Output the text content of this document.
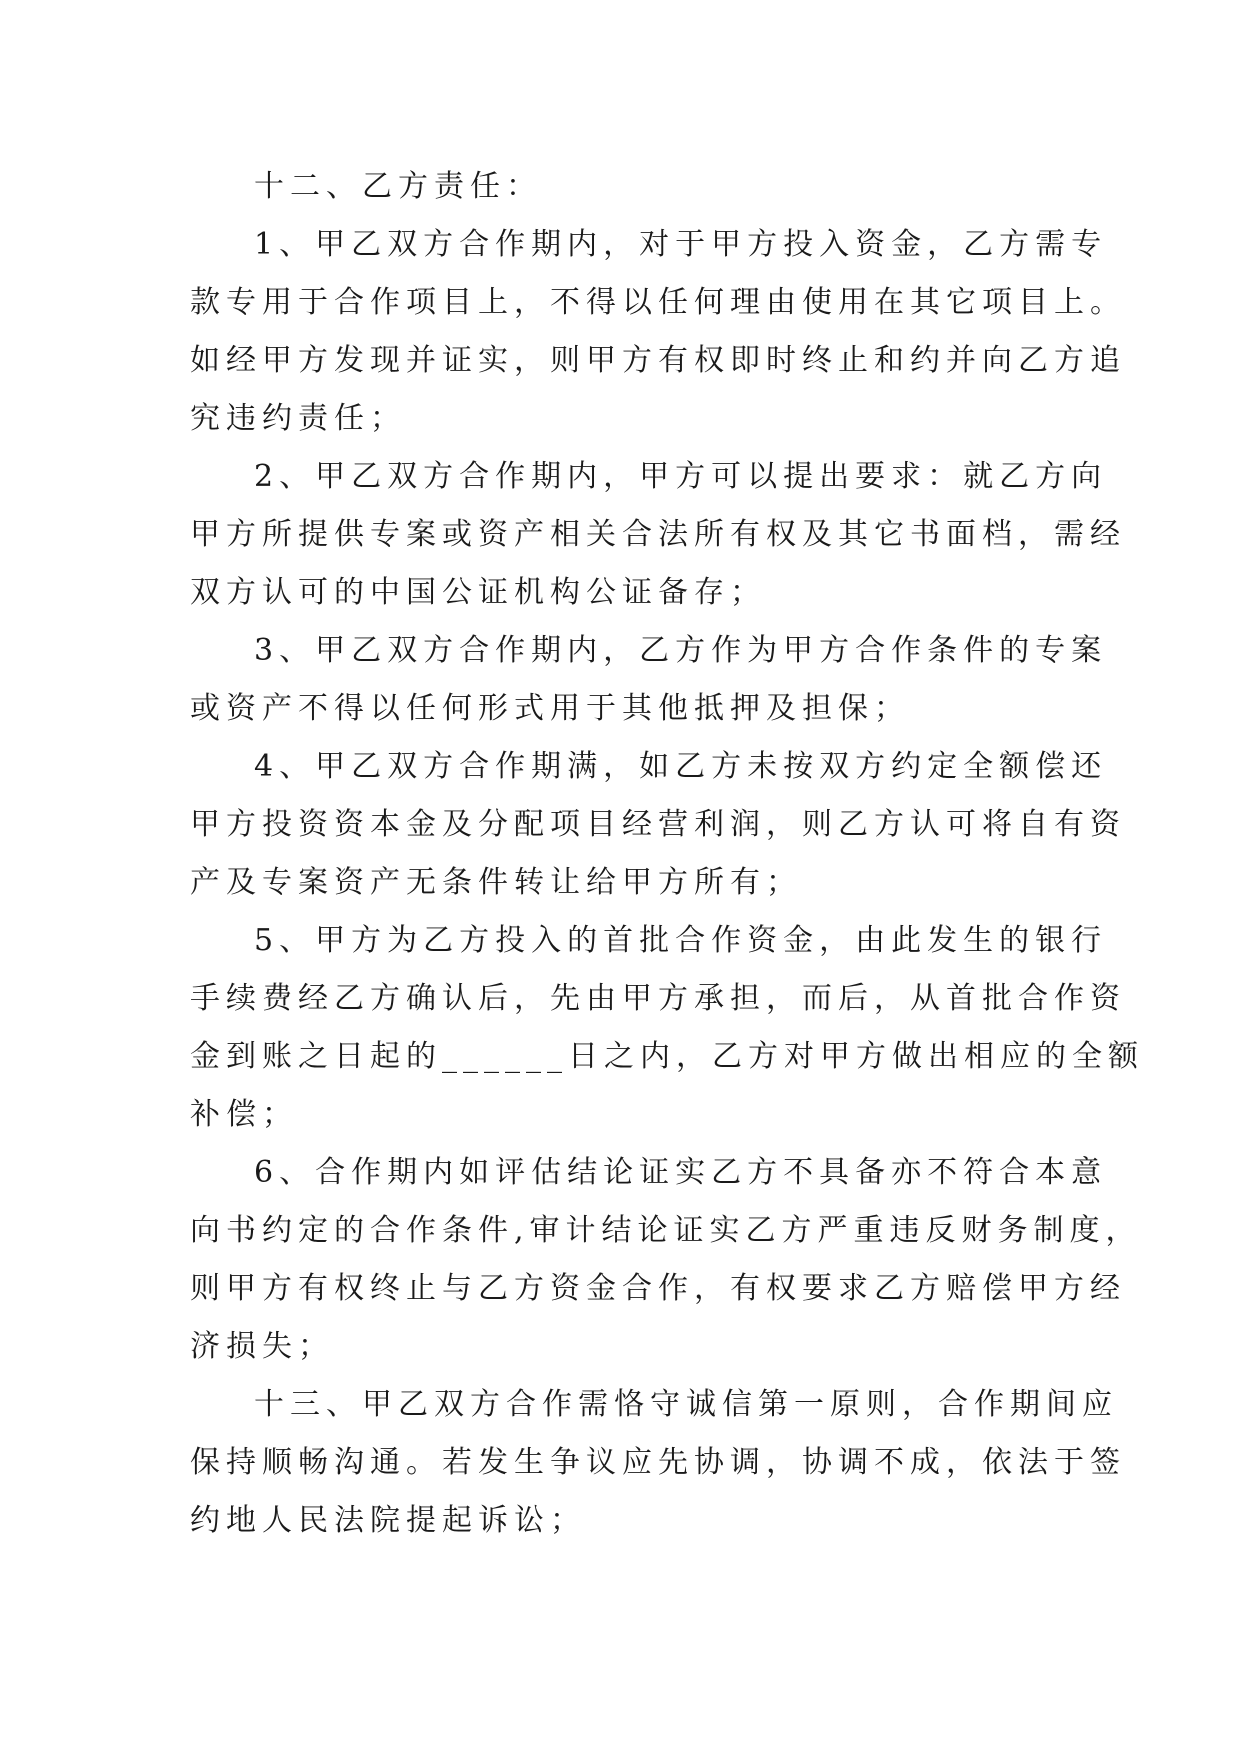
十二、乙方责任：
1、甲乙双方合作期内，对于甲方投入资金，乙方需专
款专用于合作项目上，不得以任何理由使用在其它项目上。
如经甲方发现并证实，则甲方有权即时终止和约并向乙方追
究违约责任；
2、甲乙双方合作期内，甲方可以提出要求：就乙方向
甲方所提供专案或资产相关合法所有权及其它书面档，需经
双方认可的中国公证机构公证备存；
3、甲乙双方合作期内，乙方作为甲方合作条件的专案
或资产不得以任何形式用于其他抵押及担保；
4、甲乙双方合作期满，如乙方未按双方约定全额偿还
甲方投资资本金及分配项目经营利润，则乙方认可将自有资
产及专案资产无条件转让给甲方所有；
5、甲方为乙方投入的首批合作资金，由此发生的银行
手续费经乙方确认后，先由甲方承担，而后，从首批合作资
金到账之日起的______日之内，乙方对甲方做出相应的全额
补偿；
6、合作期内如评估结论证实乙方不具备亦不符合本意
向书约定的合作条件,审计结论证实乙方严重违反财务制度，
则甲方有权终止与乙方资金合作，有权要求乙方赔偿甲方经
济损失；
十三、甲乙双方合作需恪守诚信第一原则，合作期间应
保持顺畅沟通。若发生争议应先协调，协调不成，依法于签
约地人民法院提起诉讼；
